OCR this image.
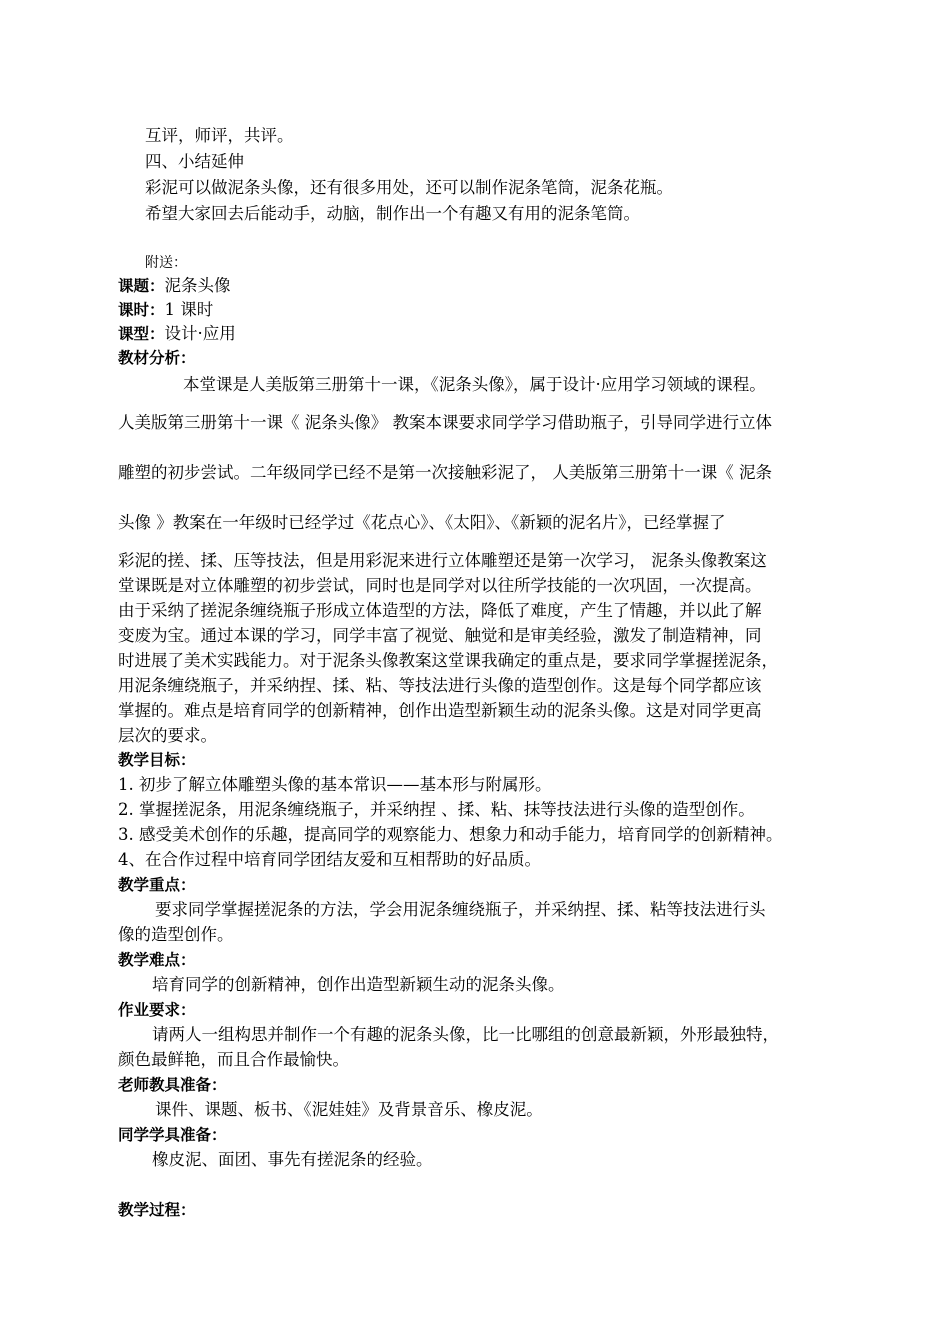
互评，师评，共评。
四、小结延伸
彩泥可以做泥条头像，还有很多用处，还可以制作泥条笔筒，泥条花瓶。
希望大家回去后能动手，动脑，制作出一个有趣又有用的泥条笔筒。
附送：
课题：泥条头像
课时：1 课时
课型：设计·应用
教材分析：
本堂课是人美版第三册第十一课，《泥条头像》，属于设计·应用学习领域的课程。
人美版第三册第十一课《 泥条头像》 教案本课要求同学学习借助瓶子，引导同学进行立体
雕塑的初步尝试。二年级同学已经不是第一次接触彩泥了， 人美版第三册第十一课《 泥条
头像 》教案在一年级时已经学过《花点心》、《太阳》、《新颖的泥名片》，已经掌握了
彩泥的搓、揉、压等技法，但是用彩泥来进行立体雕塑还是第一次学习， 泥条头像教案这
堂课既是对立体雕塑的初步尝试，同时也是同学对以往所学技能的一次巩固，一次提高。
由于采纳了搓泥条缠绕瓶子形成立体造型的方法，降低了难度，产生了情趣，并以此了解
变废为宝。通过本课的学习，同学丰富了视觉、触觉和是审美经验，激发了制造精神，同
时进展了美术实践能力。对于泥条头像教案这堂课我确定的重点是，要求同学掌握搓泥条，
用泥条缠绕瓶子，并采纳捏、揉、粘、等技法进行头像的造型创作。这是每个同学都应该
掌握的。难点是培育同学的创新精神，创作出造型新颖生动的泥条头像。这是对同学更高
层次的要求。
教学目标：
1. 初步了解立体雕塑头像的基本常识——基本形与附属形。
2. 掌握搓泥条，用泥条缠绕瓶子，并采纳捏 、揉、粘、抹等技法进行头像的造型创作。
3. 感受美术创作的乐趣，提高同学的观察能力、想象力和动手能力，培育同学的创新精神。
4、在合作过程中培育同学团结友爱和互相帮助的好品质。
教学重点：
要求同学掌握搓泥条的方法，学会用泥条缠绕瓶子，并采纳捏、揉、粘等技法进行头
像的造型创作。
教学难点：
培育同学的创新精神，创作出造型新颖生动的泥条头像。
作业要求：
请两人一组构思并制作一个有趣的泥条头像，比一比哪组的创意最新颖，外形最独特，
颜色最鲜艳，而且合作最愉快。
老师教具准备：
课件、课题、板书、《泥娃娃》及背景音乐、橡皮泥。
同学学具准备：
橡皮泥、面团、事先有搓泥条的经验。
教学过程：
